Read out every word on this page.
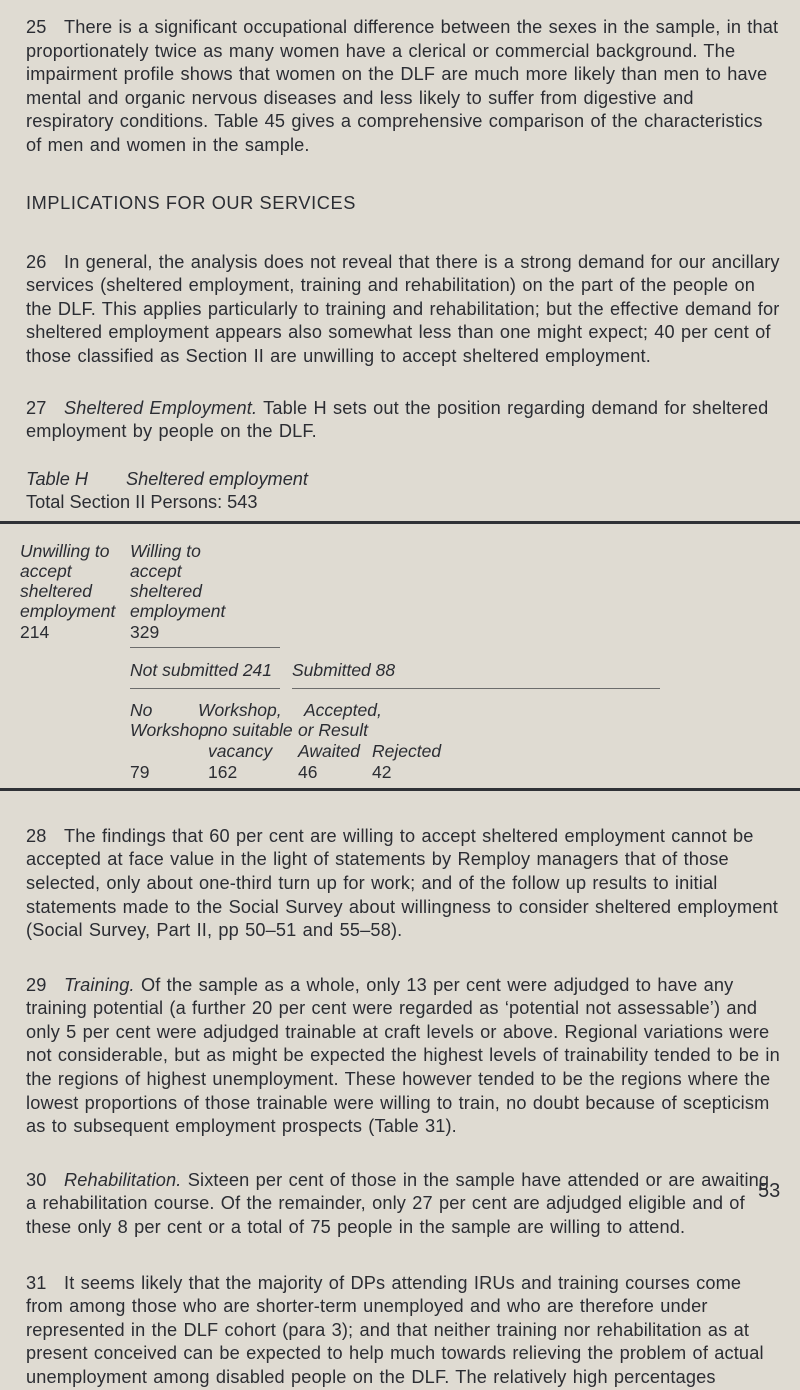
25 There is a significant occupational difference between the sexes in the sample, in that proportionately twice as many women have a clerical or commercial background. The impairment profile shows that women on the DLF are much more likely than men to have mental and organic nervous diseases and less likely to suffer from digestive and respiratory conditions. Table 45 gives a comprehensive comparison of the characteristics of men and women in the sample.

IMPLICATIONS FOR OUR SERVICES

26 In general, the analysis does not reveal that there is a strong demand for our ancillary services (sheltered employment, training and rehabilitation) on the part of the people on the DLF. This applies particularly to training and rehabilitation; but the effective demand for sheltered employment appears also somewhat less than one might expect; 40 per cent of those classified as Section II are unwilling to accept sheltered employment.

27 Sheltered Employment. Table H sets out the position regarding demand for sheltered employment by people on the DLF.

Table H Sheltered employment
Total Section II Persons: 543
Unwilling to
accept
sheltered
employment
214
Willing to
accept
sheltered
employment
329
Not submitted 241 Submitted 88
No
Workshop
79
Workshop,
no suitable
vacancy
162
Accepted,
or Result
Awaited
46
Rejected
42

28 The findings that 60 per cent are willing to accept sheltered employment cannot be accepted at face value in the light of statements by Remploy managers that of those selected, only about one-third turn up for work; and of the follow up results to initial statements made to the Social Survey about willingness to consider sheltered employment (Social Survey, Part II, pp 50–51 and 55–58).

29 Training. Of the sample as a whole, only 13 per cent were adjudged to have any training potential (a further 20 per cent were regarded as ‘potential not assessable’) and only 5 per cent were adjudged trainable at craft levels or above. Regional variations were not considerable, but as might be expected the highest levels of trainability tended to be in the regions of highest unemployment. These however tended to be the regions where the lowest proportions of those trainable were willing to train, no doubt because of scepticism as to subsequent employment prospects (Table 31).

30 Rehabilitation. Sixteen per cent of those in the sample have attended or are awaiting a rehabilitation course. Of the remainder, only 27 per cent are adjudged eligible and of these only 8 per cent or a total of 75 people in the sample are willing to attend.

31 It seems likely that the majority of DPs attending IRUs and training courses come from among those who are shorter-term unemployed and who are therefore under represented in the DLF cohort (para 3); and that neither training nor rehabilitation as at present conceived can be expected to help much towards relieving the problem of actual unemployment among disabled people on the DLF. The relatively high percentages

53
